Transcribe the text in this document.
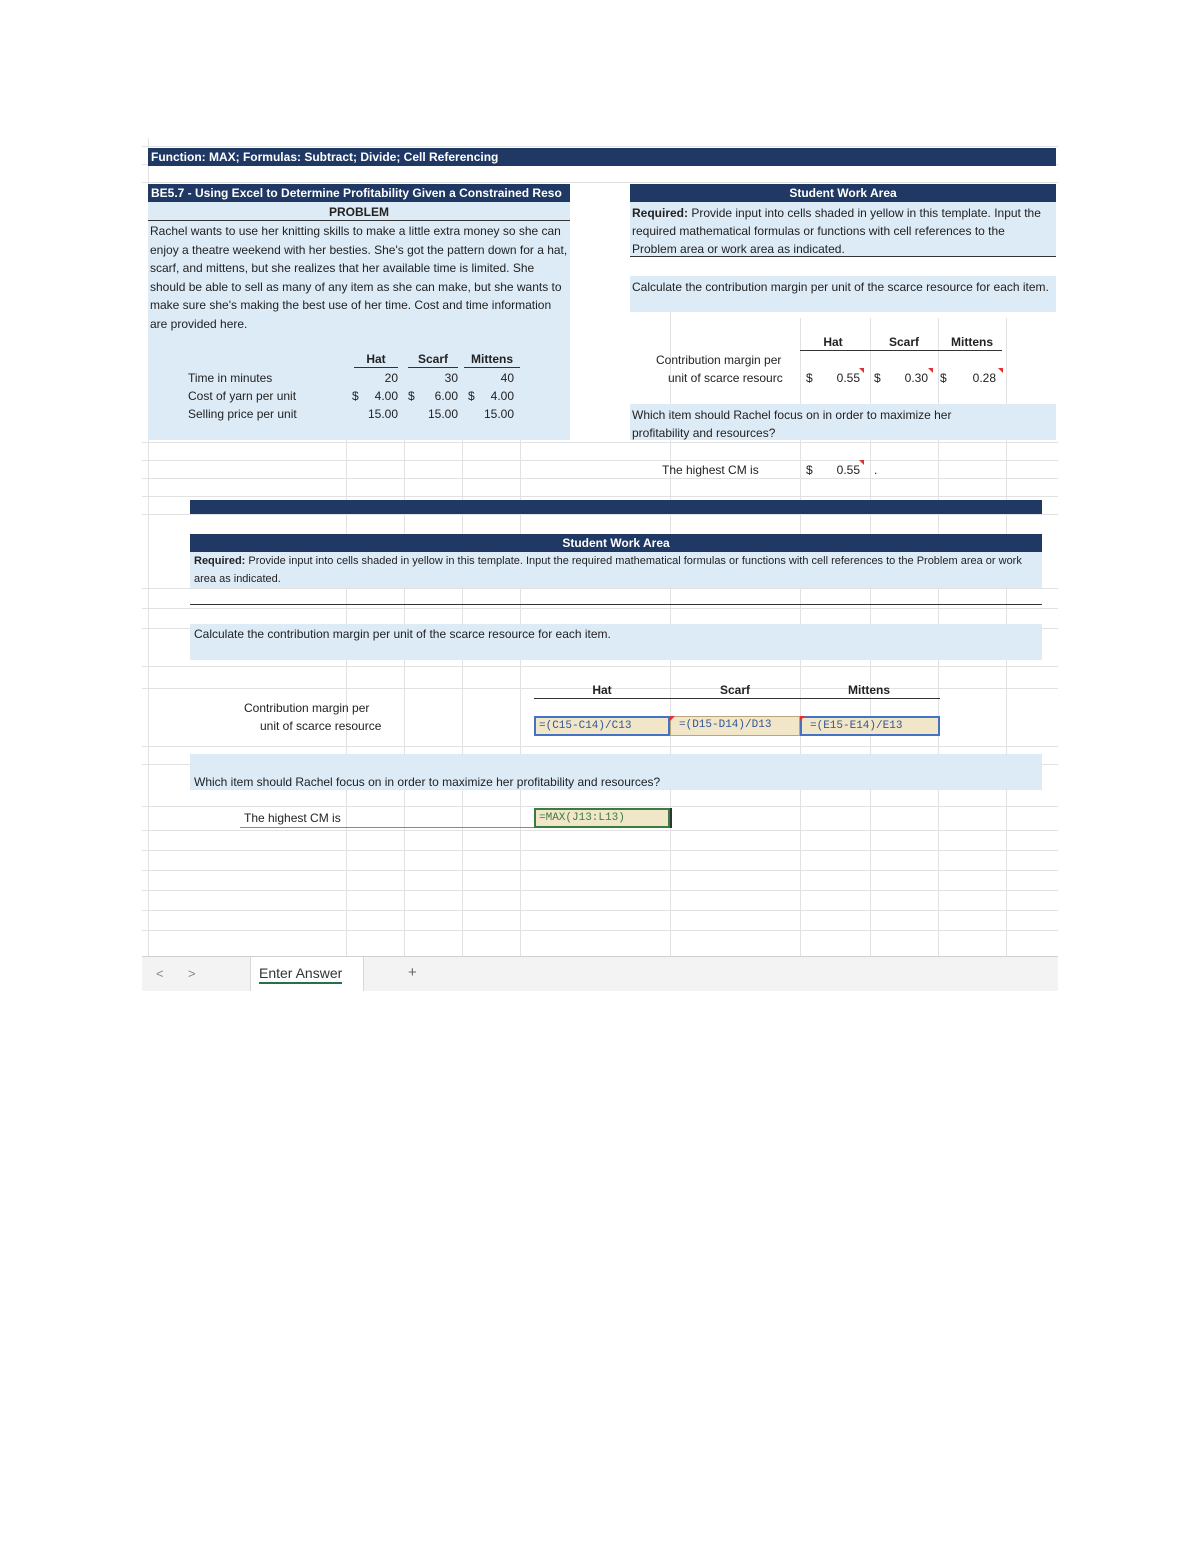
Function: MAX; Formulas: Subtract; Divide; Cell Referencing
BE5.7 - Using Excel to Determine Profitability Given a Constrained Reso
PROBLEM
Rachel wants to use her knitting skills to make a little extra money so she can enjoy a theatre weekend with her besties. She's got the pattern down for a hat, scarf, and mittens, but she realizes that her available time is limited. She should be able to sell as many of any item as she can make, but she wants to make sure she's making the best use of her time. Cost and time information are provided here.
Hat	Scarf	Mittens
Time in minutes	20	30	40
Cost of yarn per unit	$	4.00 $	6.00 $	4.00
Selling price per unit	15.00	15.00	15.00
Student Work Area
Required: Provide input into cells shaded in yellow in this template. Input the required mathematical formulas or functions with cell references to the Problem area or work area as indicated.
Calculate the contribution margin per unit of the scarce resource for each item.
Hat	Scarf	Mittens
Contribution margin per
unit of scarce resourc $	0.55 $	0.30 $	0.28
Which item should Rachel focus on in order to maximize her profitability and resources?
The highest CM is	$	0.55 .
Student Work Area
Required: Provide input into cells shaded in yellow in this template. Input the required mathematical formulas or functions with cell references to the Problem area or work area as indicated.
Calculate the contribution margin per unit of the scarce resource for each item.
Hat	Scarf	Mittens
Contribution margin per
unit of scarce resource	=(C15-C14)/C13	=(D15-D14)/D13	=(E15-E14)/E13
Which item should Rachel focus on in order to maximize her profitability and resources?
The highest CM is	=MAX(J13:L13)
< >	Enter Answer	+
